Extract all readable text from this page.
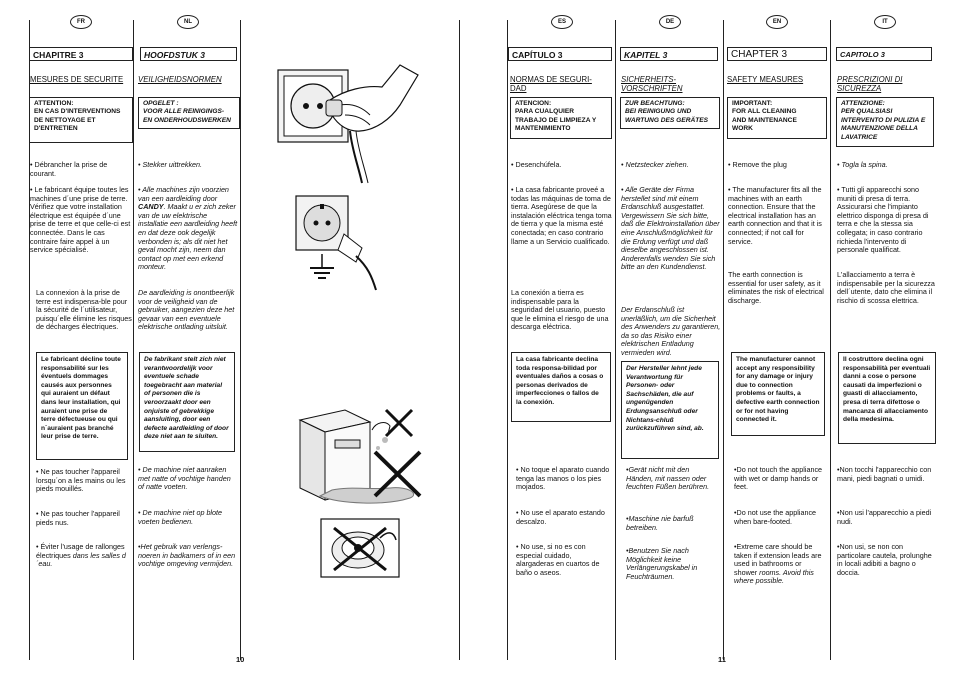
FR	NL	ES	DE	EN	IT
CHAPITRE 3
MESURES DE SECURITE
ATTENTION:
EN CAS D'INTERVENTIONS
DE NETTOYAGE ET
D'ENTRETIEN
• Débrancher la prise de courant.
• Le fabricant équipe toutes les machines d´une prise de terre. Vérifiez que votre installation électrique est équipée d´une prise de terre et que celle-ci est connectée. Dans le cas contraire faire appel à un service spécialisé.
La connexion à la prise de terre est indispensa-ble pour la sécurité de l´utilisateur, puisqu´elle élimine les risques de décharges électriques.
Le fabricant décline toute responsabilité sur les éventuels dommages causés aux personnes qui auraient un défaut dans leur installation, qui auraient une prise de terre défectueuse ou qui n´auraient pas branché leur prise de terre.
• Ne pas toucher l'appareil lorsqu´on a les mains ou les pieds mouillés.
• Ne pas toucher l'appareil pieds nus.
• Éviter l'usage de rallonges électriques dans les salles d´eau.
HOOFDSTUK 3
VEILIGHEIDSNORMEN
OPGELET :
VOOR ALLE REINIGINGS-
EN ONDERHOUDSWERKEN
• Stekker uittrekken.
• Alle machines zijn voorzien van een aardleiding door CANDY. Maakt u er zich zeker van de uw elektrische installatie een aardleiding heeft en dat deze ook degelijk verbonden is; als dit niet het geval mocht zijn, neem dan contact op met een erkend monteur.
De aardleiding is onontbeerlijk voor de veiligheid van de gebruiker, aangezien deze het gevaar van een eventuele elektrische ontlading uitsluit.
De fabrikant stelt zich niet verantwoordelijk voor eventuele schade toegebracht aan material of personen die is veroorzaakt door een onjuiste of gebrekkige aansluiting, door een defecte aardleiding of door deze niet aan te sluiten.
• De machine niet aanraken met natte of vochtige handen of natte voeten.
• De machine niet op blote voeten bedienen.
•Het gebruik van verlengs-noeren in badkamers of in een vochtige omgeving vermijden.
CAPÍTULO 3
NORMAS DE SEGURI-DAD
ATENCION:
PARA CUALQUIER
TRABAJO DE LIMPIEZA Y
MANTENIMIENTO
• Desenchúfela.
• La casa fabricante proveé a todas las máquinas de toma de tierra. Asegúrese de que la instalación eléctrica tenga toma de tierra y que la misma esté conectada; en caso contrario llame a un Servicio cualificado.
La conexión a tierra es indispensable para la seguridad del usuario, puesto que le elimina el riesgo de una descarga eléctrica.
La casa fabricante declina toda responsa-bilidad por eventuales daños a cosas o personas derivados de imperfecciones o fallos de la conexión.
• No toque el aparato cuando tenga las manos o los pies mojados.
• No use el aparato estando descalzo.
• No use, si no es con especial cuidado, alargaderas en cuartos de baño o aseos.
KAPITEL 3
SICHERHEITS-VORSCHRIFTEN
ZUR BEACHTUNG:
BEI REINIGUNG UND
WARTUNG DES GERÄTES
• Netzstecker ziehen.
• Alle Geräte der Firma herstellet sind mit einem Erdanschluß ausgestattet. Vergewissern Sie sich bitte, daß die Elektroinstallation über eine Anschlußmöglichkeit für die Erdung verfügt und daß dieselbe angeschlossen ist. Anderenfalls wenden Sie sich bitte an den Kundendienst.
Der Erdanschluß ist unerläßlich, um die Sicherheit des Anwenders zu garantieren, da so das Risiko einer elektrischen Entladung vermieden wird.
Der Hersteller lehnt jede Verantwortung für Personen- oder Sachschäden, die auf ungenügenden Erdungsanschluß oder Nichtans-chluß zurückzuführen sind, ab.
•Gerät nicht mit den Händen, mit nassen oder feuchten Füßen berühren.
•Maschine nie barfuß betreiben.
•Benutzen Sie nach Möglichkeit keine Verlängerungskabel in Feuchträumen.
CHAPTER 3
SAFETY MEASURES
IMPORTANT:
FOR ALL CLEANING
AND MAINTENANCE
WORK
• Remove the plug
• The manufacturer fits all the machines with an earth connection. Ensure that the electrical installation has an earth connection and that it is connected; if not call for service.
The earth connection is essential for user safety, as it eliminates the risk of electrical discharge.
The manufacturer cannot accept any responsibility for any damage or injury due to connection problems or faults, a defective earth connection or for not having connected it.
•Do not touch the appliance with wet or damp hands or feet.
•Do not use the appliance when bare-footed.
•Extreme care should be taken if extension leads are used in bathrooms or shower rooms. Avoid this where possible.
CAPITOLO 3
PRESCRIZIONI DI SICUREZZA
ATTENZIONE:
PER QUALSIASI
INTERVENTO DI PULIZIA E
MANUTENZIONE DELLA
LAVATRICE
• Togla la spina.
• Tutti gli apparecchi sono muniti di presa di terra. Assicurarsi che l'impianto elettrico disponga di presa di terra e che la stessa sia collegata; in caso contrario richieda l'intervento di personale qualificat.
L'allacciamento a terra è indispensabile per la sicurezza dell´utente, dato che elimina il rischio di scossa elettrica.
Il costruttore declina ogni responsabilità per eventuali danni a cose o persone causati da imperfezioni o guasti di allacciamento, presa di terra difettose o mancanza di allacciamento della medesima.
•Non tocchi l'apparecchio con mani, piedi bagnati o umidi.
•Non usi l'apparecchio a piedi nudi.
•Non usi, se non con particolare cautela, prolunghe in locali adibiti a bagno o doccia.
10	11
